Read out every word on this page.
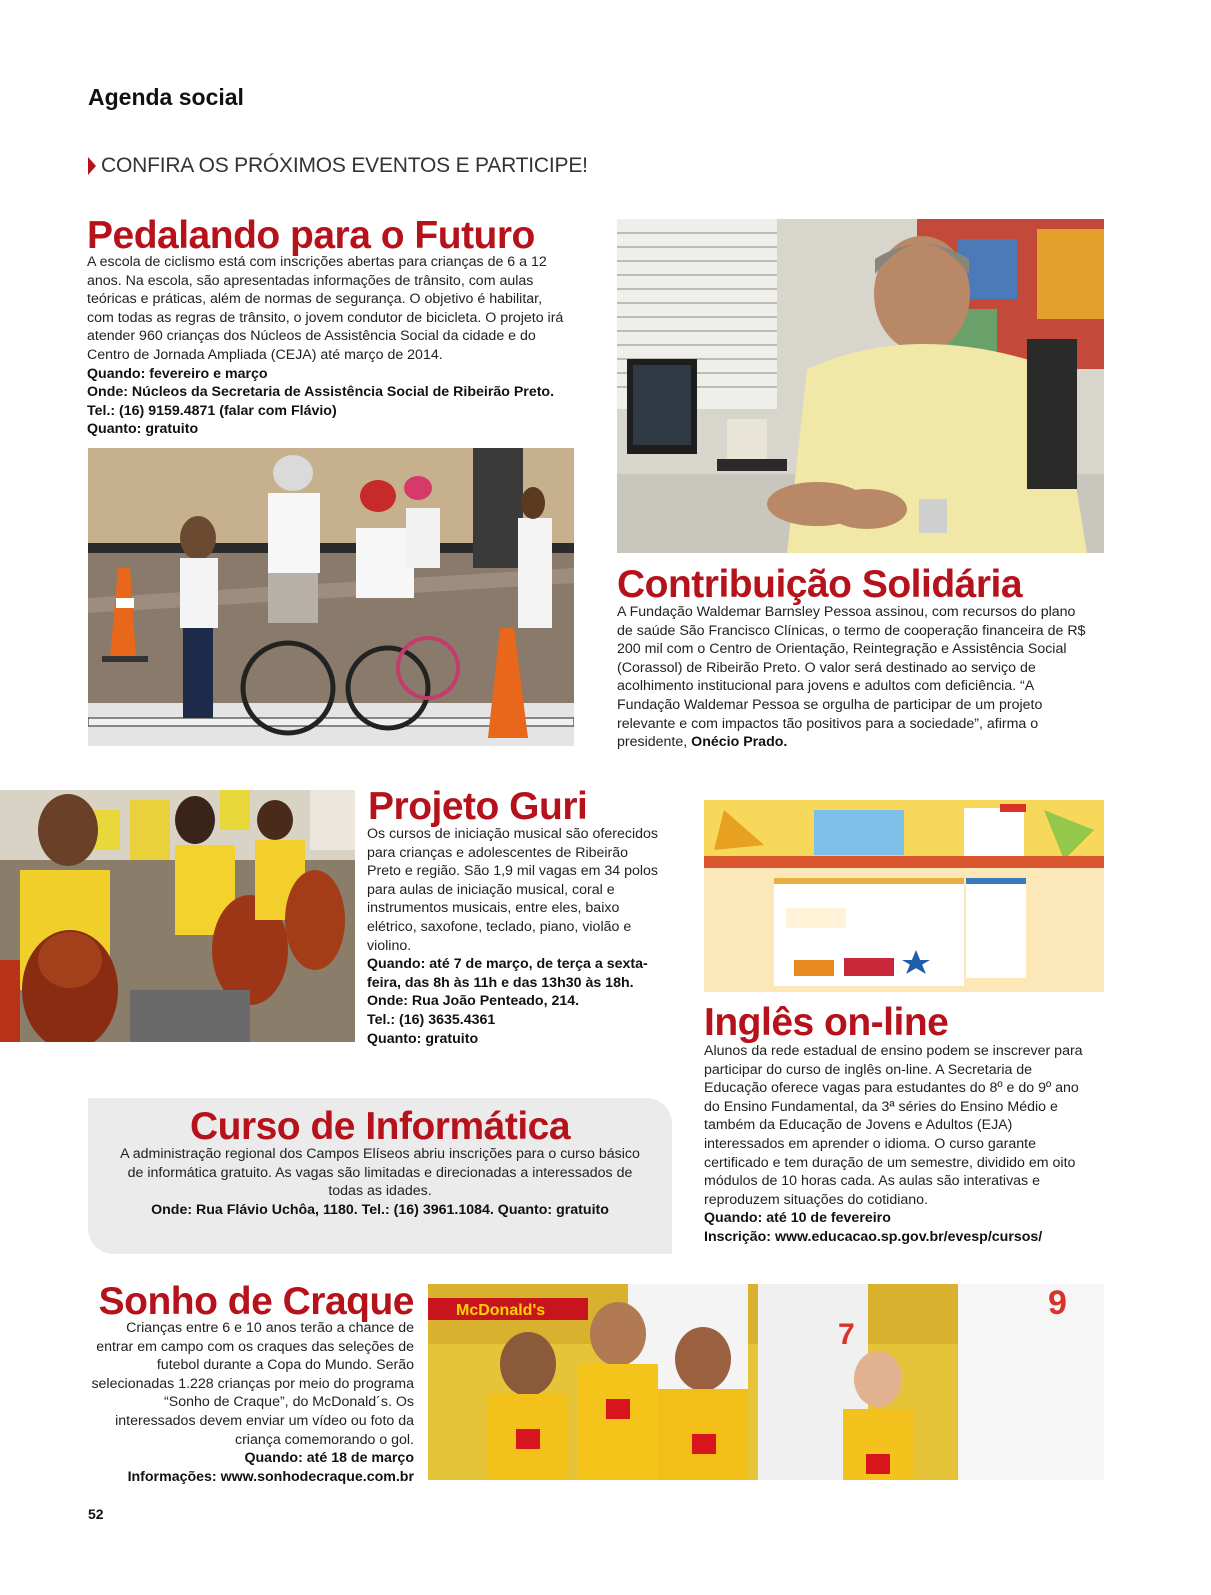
Agenda social
CONFIRA OS PRÓXIMOS EVENTOS E PARTICIPE!
Pedalando para o Futuro

A escola de ciclismo está com inscrições abertas para crianças de 6 a 12 anos. Na escola, são apresentadas informações de trânsito, com aulas teóricas e práticas, além de normas de segurança. O objetivo é habilitar, com todas as regras de trânsito, o jovem condutor de bicicleta. O projeto irá atender 960 crianças dos Núcleos de Assistência Social da cidade e do Centro de Jornada Ampliada (CEJA) até março de 2014.

Quando: fevereiro e março

Onde: Núcleos da Secretaria de Assistência Social de Ribeirão Preto.

Tel.: (16) 9159.4871 (falar com Flávio)

Quanto: gratuito

Contribuição Solidária

A Fundação Waldemar Barnsley Pessoa assinou, com recursos do plano de saúde São Francisco Clínicas, o termo de cooperação financeira de R$ 200 mil com o Centro de Orientação, Reintegração e Assistência Social (Corassol) de Ribeirão Preto. O valor será destinado ao serviço de acolhimento institucional para jovens e adultos com deficiência. “A Fundação Waldemar Pessoa se orgulha de participar de um projeto relevante e com impactos tão positivos para a sociedade”, afirma o presidente, Onécio Prado.

Projeto Guri

Os cursos de iniciação musical são oferecidos para crianças e adolescentes de Ribeirão Preto e região. São 1,9 mil vagas em 34 polos para aulas de iniciação musical, coral e instrumentos musicais, entre eles, baixo elétrico, saxofone, teclado, piano, violão e violino.

Quando: até 7 de março, de terça a sexta-feira, das 8h às 11h e das 13h30 às 18h.

Onde: Rua João Penteado, 214.

Tel.: (16) 3635.4361

Quanto: gratuito	Inglês on-line

Alunos da rede estadual de ensino podem se inscrever para participar do curso de inglês on-line. A Secretaria de Educação oferece vagas para estudantes do 8º e do 9º ano do Ensino Fundamental, da 3ª séries do Ensino Médio e também da Educação de Jovens e Adultos (EJA) interessados em aprender o idioma. O curso garante certificado e tem duração de um semestre, dividido em oito módulos de 10 horas cada. As aulas são interativas e reproduzem situações do cotidiano.

Quando: até 10 de fevereiro

Inscrição: www.educacao.sp.gov.br/evesp/cursos/

Curso de Informática

A administração regional dos Campos Elíseos abriu inscrições para o curso básico de informática gratuito. As vagas são limitadas e direcionadas a interessados de todas as idades.

Onde: Rua Flávio Uchôa, 1180. Tel.: (16) 3961.1084. Quanto: gratuito

Sonho de Craque

Crianças entre 6 e 10 anos terão a chance de entrar em campo com os craques das seleções de futebol durante a Copa do Mundo. Serão selecionadas 1.228 crianças por meio do programa “Sonho de Craque”, do McDonald´s. Os interessados devem enviar um vídeo ou foto da criança comemorando o gol.

Quando: até 18 de março

Informações: www.sonhodecraque.com.br

McDonald's	9
7
52
